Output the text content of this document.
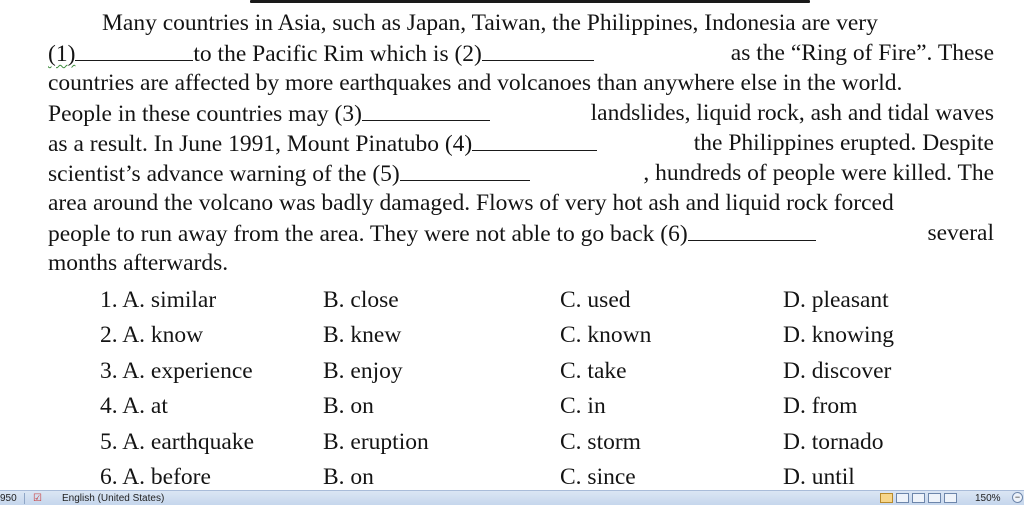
Many countries in Asia, such as Japan, Taiwan, the Philippines, Indonesia are very
(1)	to the Pacific Rim which is (2)	as the “Ring of Fire”. These
countries are affected by more earthquakes and volcanoes than anywhere else in the world.
People in these countries may (3)	landslides, liquid rock, ash and tidal waves
as a result. In June 1991, Mount Pinatubo (4)	the Philippines erupted. Despite
scientist’s advance warning of the (5)	, hundreds of people were killed. The
area around the volcano was badly damaged. Flows of very hot ash and liquid rock forced
people to run away from the area. They were not able to go back (6)	several
months afterwards.
1. A. similar	B. close	C. used	D. pleasant
2. A. know	B. knew	C. known	D. knowing
3. A. experience	B. enjoy	C. take	D. discover
4. A. at	B. on	C. in	D. from
5. A. earthquake	B. eruption	C. storm	D. tornado
6. A. before	B. on	C. since	D. until
950 ☑ English (United States)	150%	−
